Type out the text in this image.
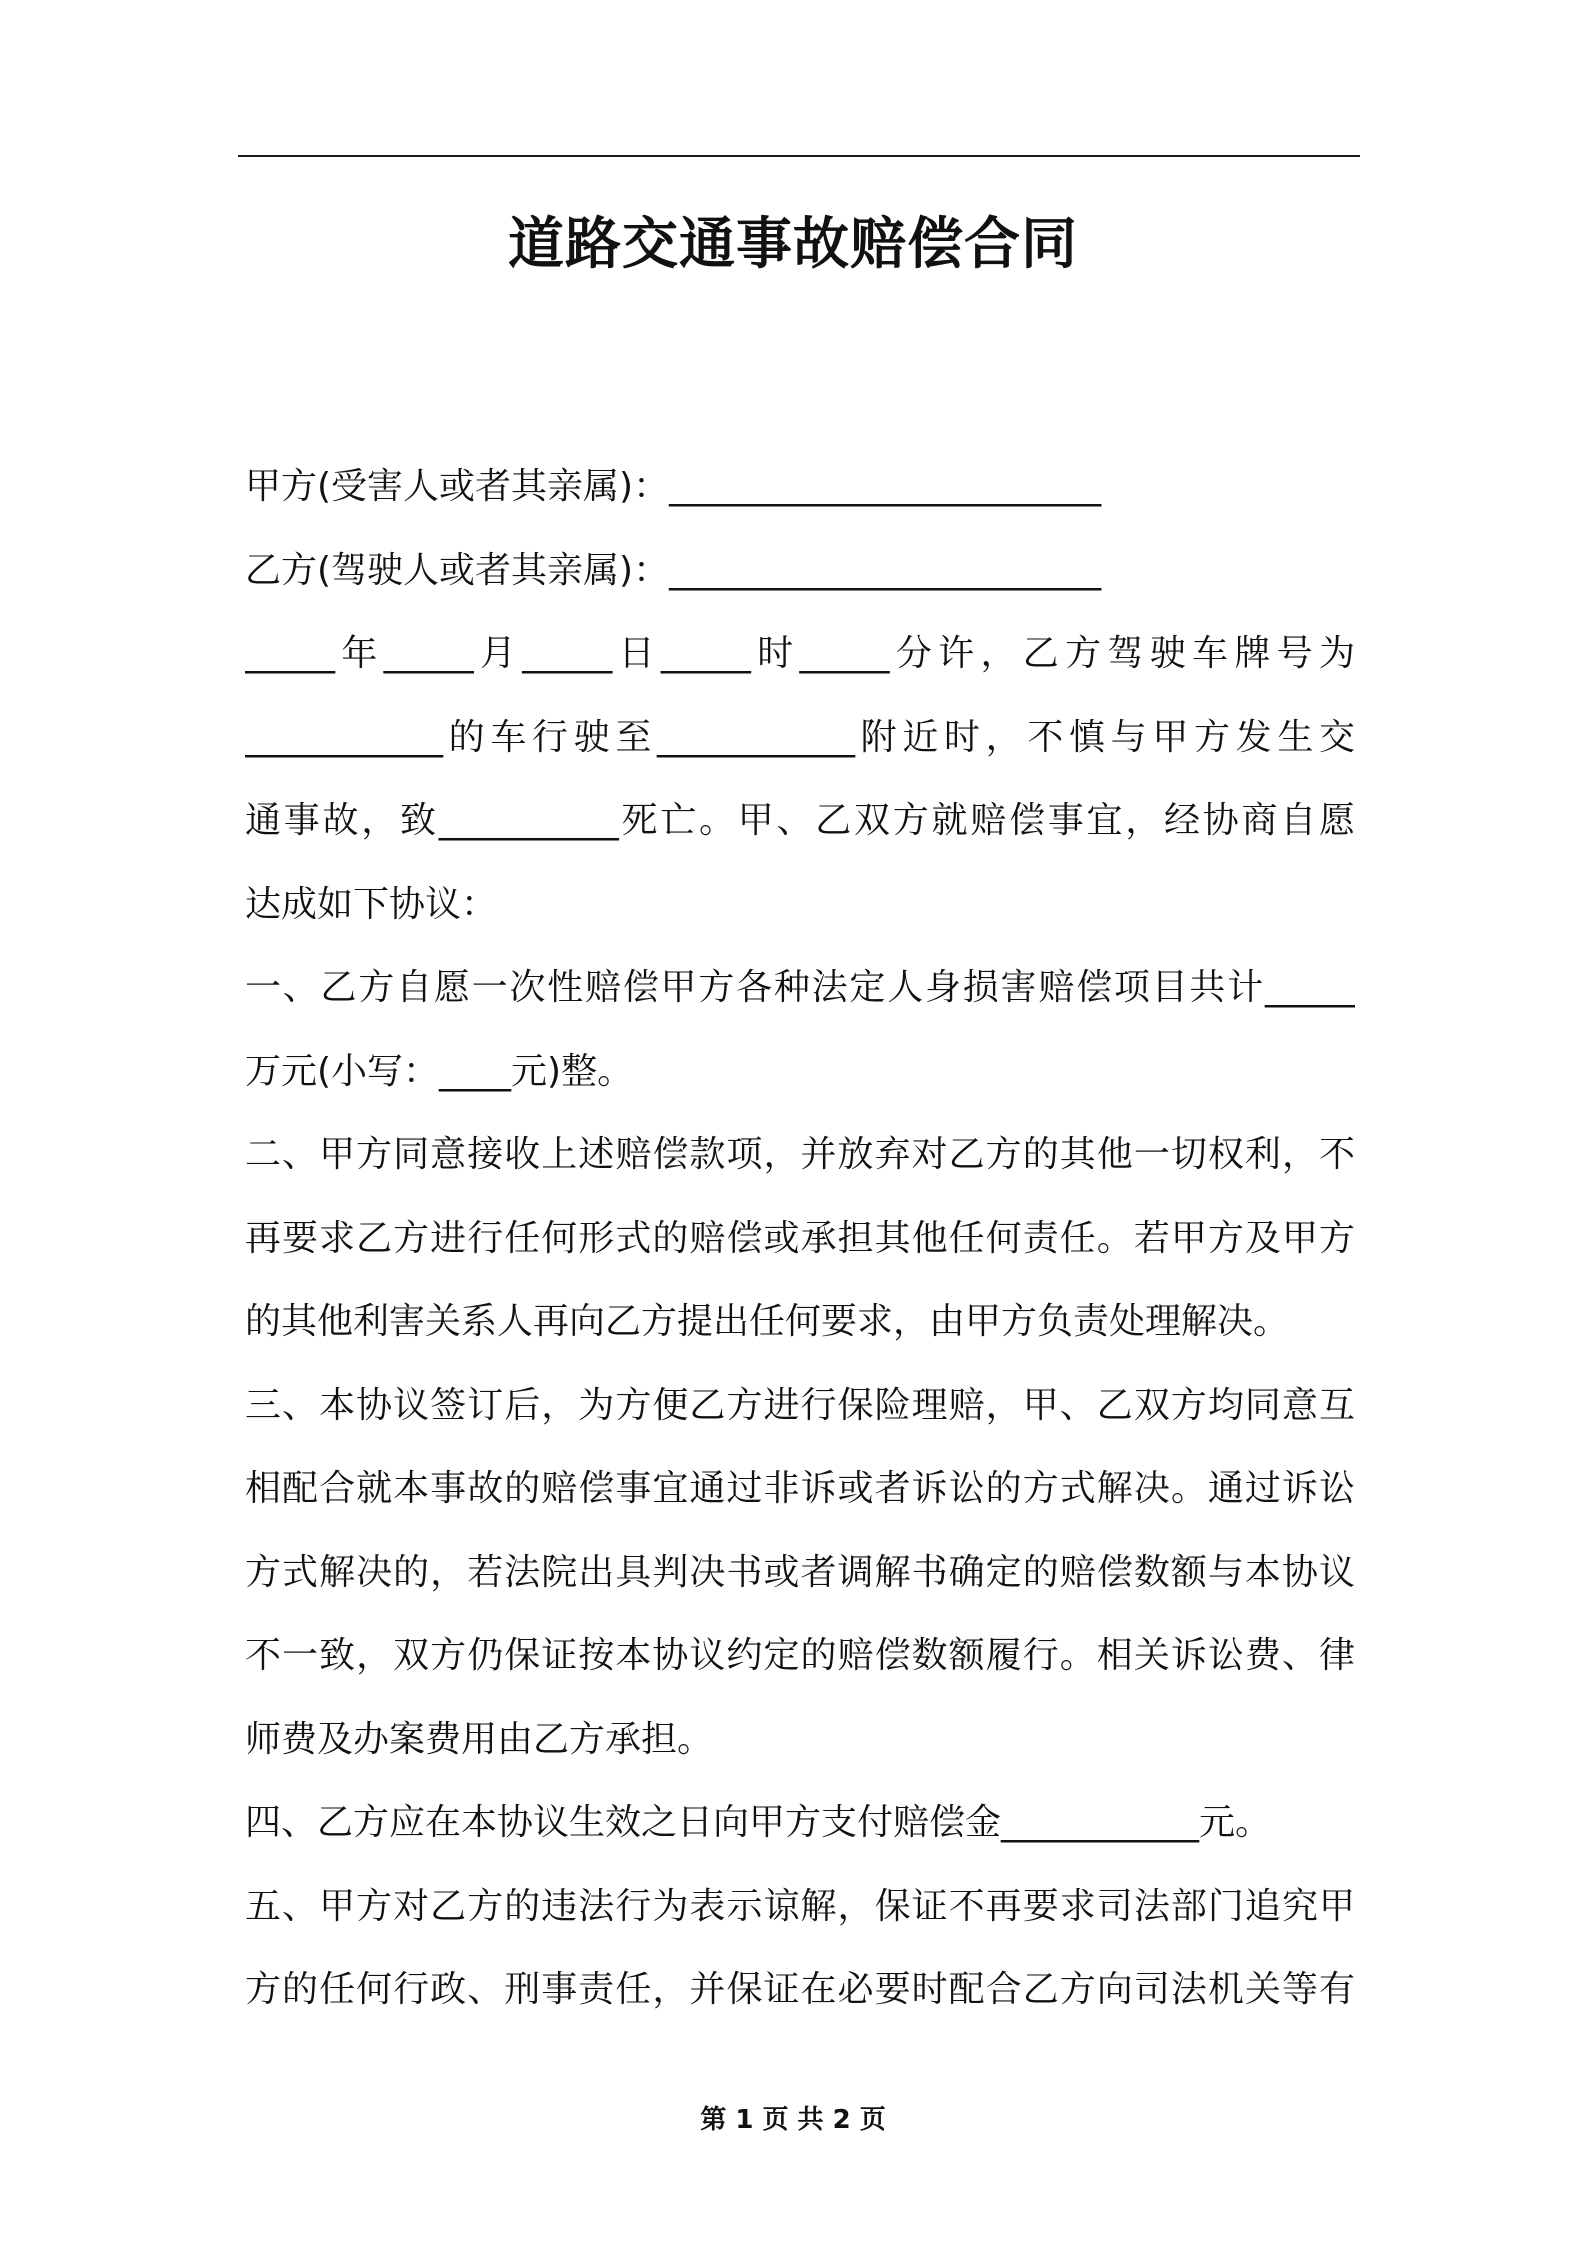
道路交通事故赔偿合同
甲方(受害人或者其亲属)：________________________
乙方(驾驶人或者其亲属)：________________________
_____年_____月_____日_____时_____分许，乙方驾驶车牌号为
___________的车行驶至___________附近时，不慎与甲方发生交
通事故，致__________死亡。甲、乙双方就赔偿事宜，经协商自愿
达成如下协议：
一、乙方自愿一次性赔偿甲方各种法定人身损害赔偿项目共计_____
万元(小写：____元)整。
二、甲方同意接收上述赔偿款项，并放弃对乙方的其他一切权利，不
再要求乙方进行任何形式的赔偿或承担其他任何责任。若甲方及甲方
的其他利害关系人再向乙方提出任何要求，由甲方负责处理解决。
三、本协议签订后，为方便乙方进行保险理赔，甲、乙双方均同意互
相配合就本事故的赔偿事宜通过非诉或者诉讼的方式解决。通过诉讼
方式解决的，若法院出具判决书或者调解书确定的赔偿数额与本协议
不一致，双方仍保证按本协议约定的赔偿数额履行。相关诉讼费、律
师费及办案费用由乙方承担。
四、乙方应在本协议生效之日向甲方支付赔偿金___________元。
五、甲方对乙方的违法行为表示谅解，保证不再要求司法部门追究甲
方的任何行政、刑事责任，并保证在必要时配合乙方向司法机关等有
第 1 页 共 2 页
